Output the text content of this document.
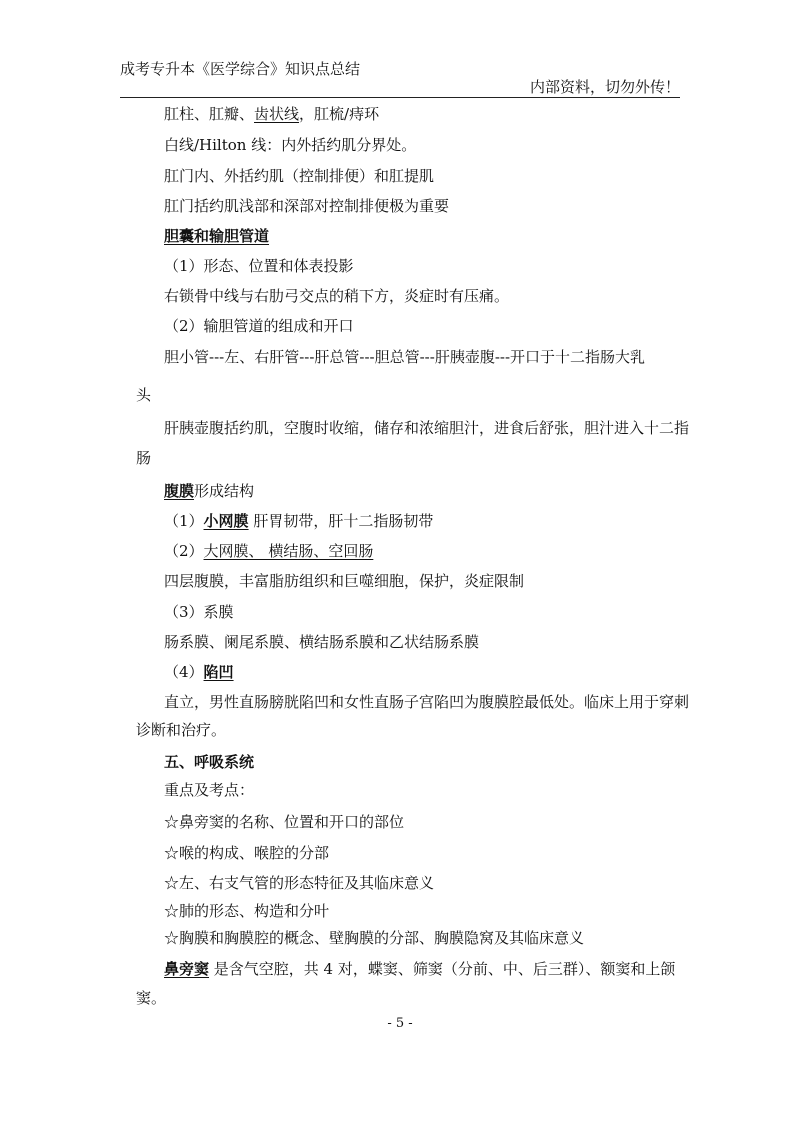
成考专升本《医学综合》知识点总结
内部资料，切勿外传！
肛柱、肛瓣、齿状线，肛梳/痔环
白线/Hilton 线：内外括约肌分界处。
肛门内、外括约肌（控制排便）和肛提肌
肛门括约肌浅部和深部对控制排便极为重要
胆囊和输胆管道
（1）形态、位置和体表投影
右锁骨中线与右肋弓交点的稍下方，炎症时有压痛。
（2）输胆管道的组成和开口
胆小管---左、右肝管---肝总管---胆总管---肝胰壶腹---开口于十二指肠大乳
头
肝胰壶腹括约肌，空腹时收缩，储存和浓缩胆汁，进食后舒张，胆汁进入十二指
肠
腹膜形成结构
（1）小网膜 肝胃韧带，肝十二指肠韧带
（2）大网膜、 横结肠、空回肠
四层腹膜，丰富脂肪组织和巨噬细胞，保护，炎症限制
（3）系膜
肠系膜、阑尾系膜、横结肠系膜和乙状结肠系膜
（4）陷凹
直立，男性直肠膀胱陷凹和女性直肠子宫陷凹为腹膜腔最低处。临床上用于穿刺
诊断和治疗。
五、呼吸系统
重点及考点：
☆鼻旁窦的名称、位置和开口的部位
☆喉的构成、喉腔的分部
☆左、右支气管的形态特征及其临床意义
☆肺的形态、构造和分叶
☆胸膜和胸膜腔的概念、壁胸膜的分部、胸膜隐窝及其临床意义
鼻旁窦 是含气空腔，共 4 对，蝶窦、筛窦（分前、中、后三群）、额窦和上颌
窦。
- 5 -
